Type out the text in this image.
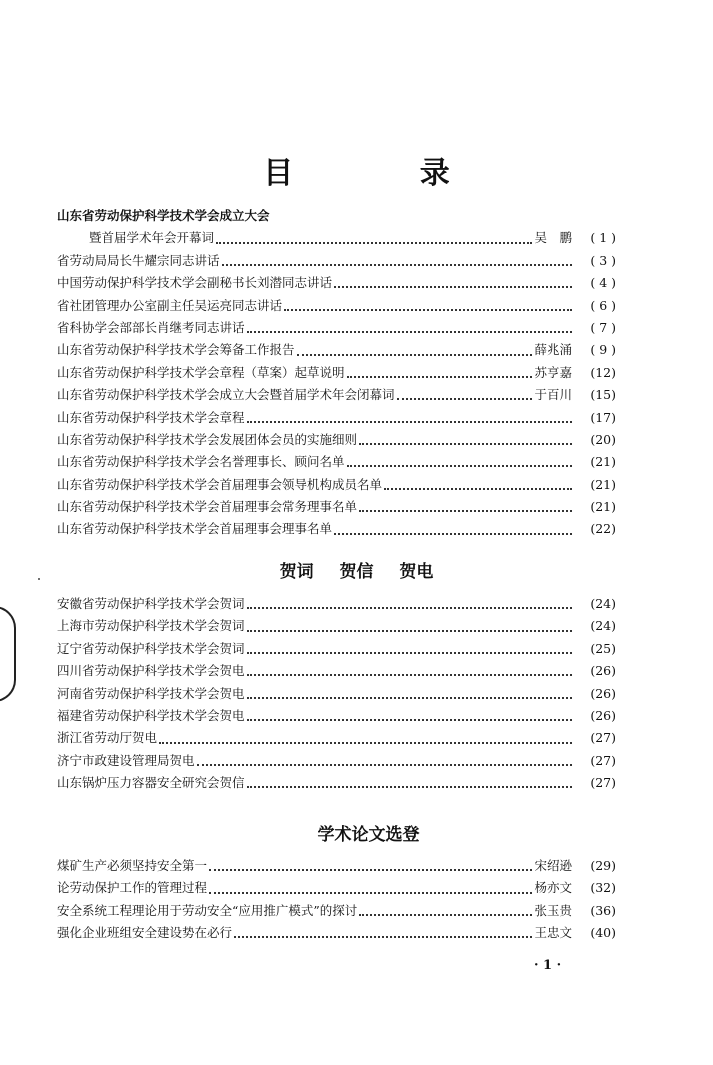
目 录
山东省劳动保护科学技术学会成立大会
暨首届学术年会开幕词	吴　鹏	( 1 )
省劳动局局长牛耀宗同志讲话	( 3 )
中国劳动保护科学技术学会副秘书长刘潜同志讲话	( 4 )
省社团管理办公室副主任吴运亮同志讲话	( 6 )
省科协学会部部长肖继考同志讲话	( 7 )
山东省劳动保护科学技术学会筹备工作报告	薛兆涌	( 9 )
山东省劳动保护科学技术学会章程（草案）起草说明	苏亨嘉	(12)
山东省劳动保护科学技术学会成立大会暨首届学术年会闭幕词	于百川	(15)
山东省劳动保护科学技术学会章程	(17)
山东省劳动保护科学技术学会发展团体会员的实施细则	(20)
山东省劳动保护科学技术学会名誉理事长、顾问名单	(21)
山东省劳动保护科学技术学会首届理事会领导机构成员名单	(21)
山东省劳动保护科学技术学会首届理事会常务理事名单	(21)
山东省劳动保护科学技术学会首届理事会理事名单	(22)
贺词 贺信 贺电
安徽省劳动保护科学技术学会贺词	(24)
上海市劳动保护科学技术学会贺词	(24)
辽宁省劳动保护科学技术学会贺词	(25)
四川省劳动保护科学技术学会贺电	(26)
河南省劳动保护科学技术学会贺电	(26)
福建省劳动保护科学技术学会贺电	(26)
浙江省劳动厅贺电	(27)
济宁市政建设管理局贺电	(27)
山东锅炉压力容器安全研究会贺信	(27)
学术论文选登
煤矿生产必须坚持安全第一	宋绍逊	(29)
论劳动保护工作的管理过程	杨亦文	(32)
安全系统工程理论用于劳动安全“应用推广模式”的探讨	张玉贵	(36)
强化企业班组安全建设势在必行	王忠文	(40)
· 1 ·
